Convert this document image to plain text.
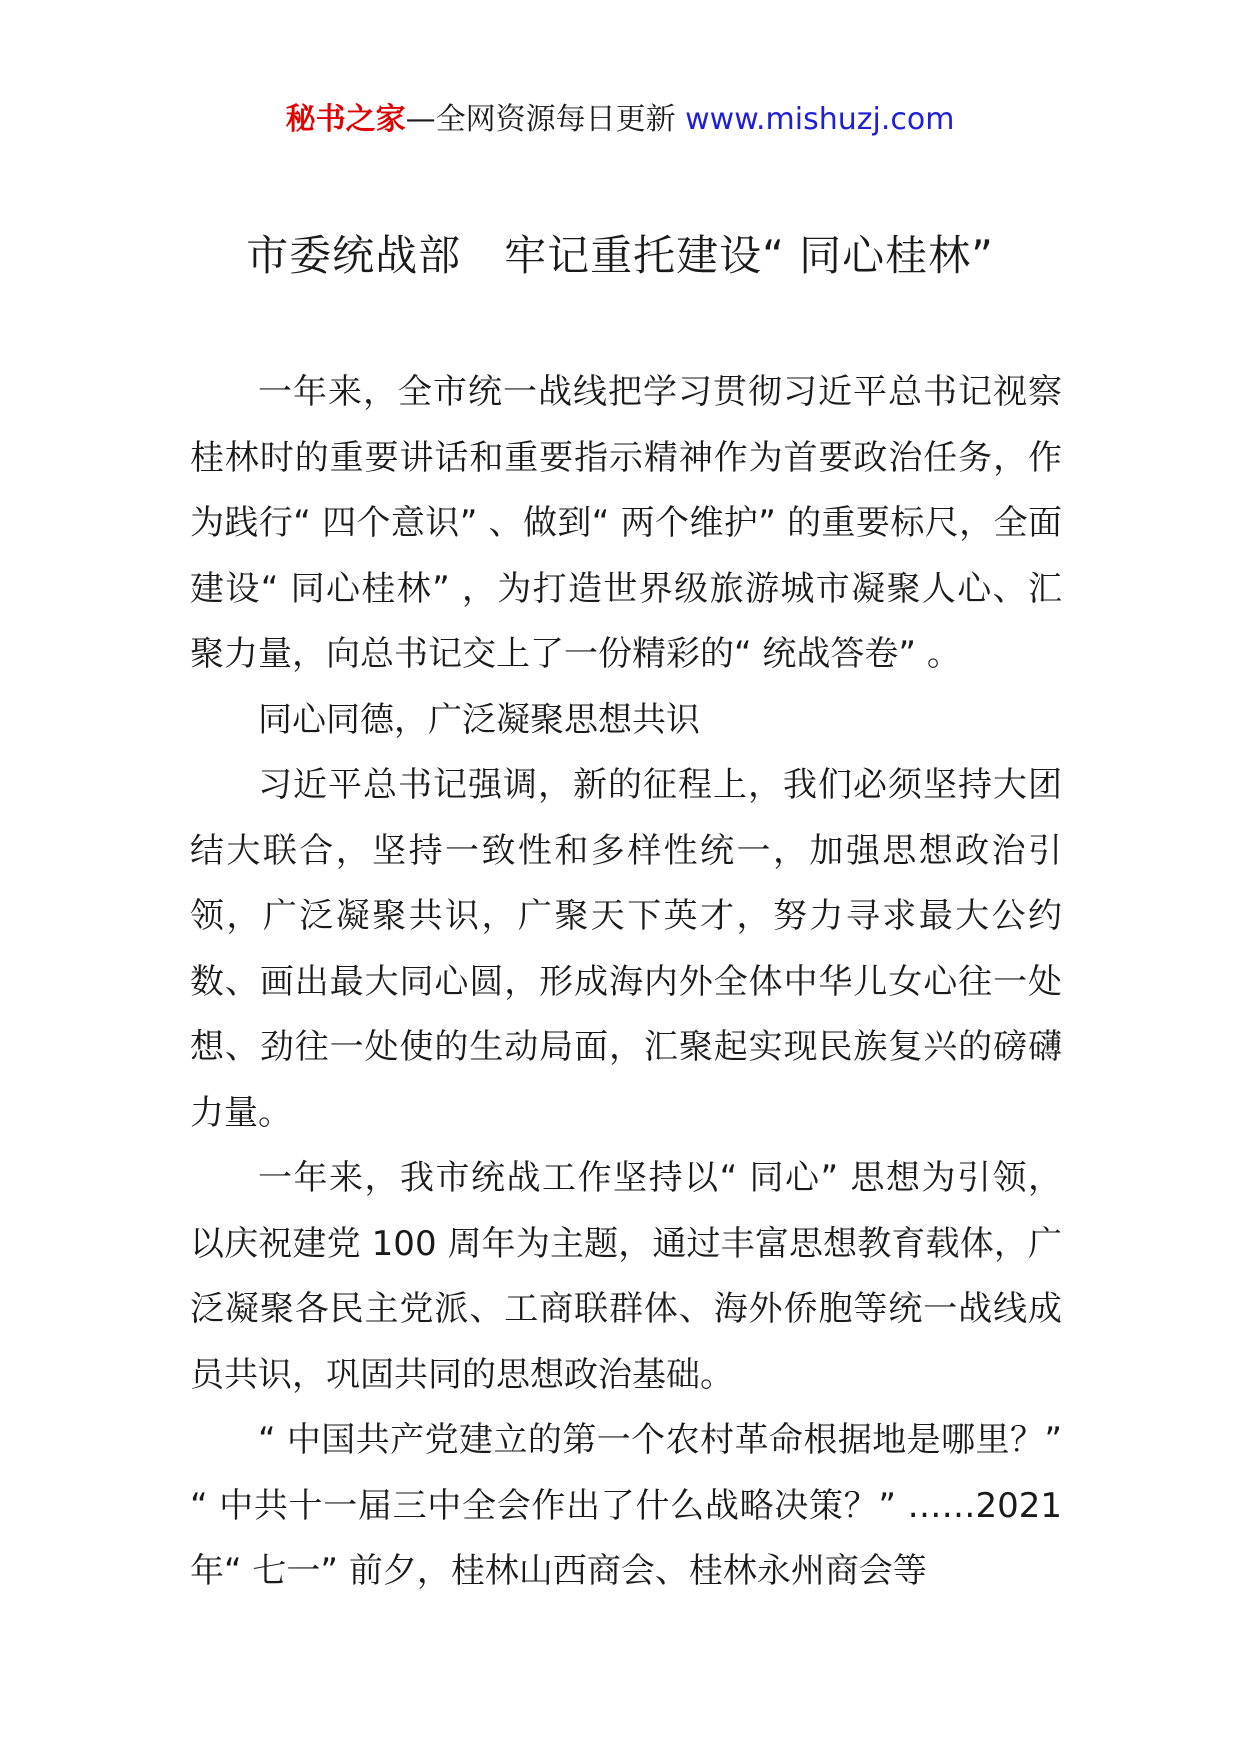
秘书之家—全网资源每日更新 www.mishuzj.com
市委统战部　牢记重托建设“ 同心桂林”

一年来，全市统一战线把学习贯彻习近平总书记视察桂林时的重要讲话和重要指示精神作为首要政治任务，作为践行“ 四个意识” 、做到“ 两个维护” 的重要标尺，全面建设“ 同心桂林” ，为打造世界级旅游城市凝聚人心、汇聚力量，向总书记交上了一份精彩的“ 统战答卷” 。

同心同德，广泛凝聚思想共识

习近平总书记强调，新的征程上，我们必须坚持大团结大联合，坚持一致性和多样性统一，加强思想政治引领，广泛凝聚共识，广聚天下英才，努力寻求最大公约数、画出最大同心圆，形成海内外全体中华儿女心往一处想、劲往一处使的生动局面，汇聚起实现民族复兴的磅礴力量。

一年来，我市统战工作坚持以“ 同心” 思想为引领，以庆祝建党 100 周年为主题，通过丰富思想教育载体，广泛凝聚各民主党派、工商联群体、海外侨胞等统一战线成员共识，巩固共同的思想政治基础。

“ 中国共产党建立的第一个农村革命根据地是哪里？” “ 中共十一届三中全会作出了什么战略决策？” ……2021 年“ 七一” 前夕，桂林山西商会、桂林永州商会等
